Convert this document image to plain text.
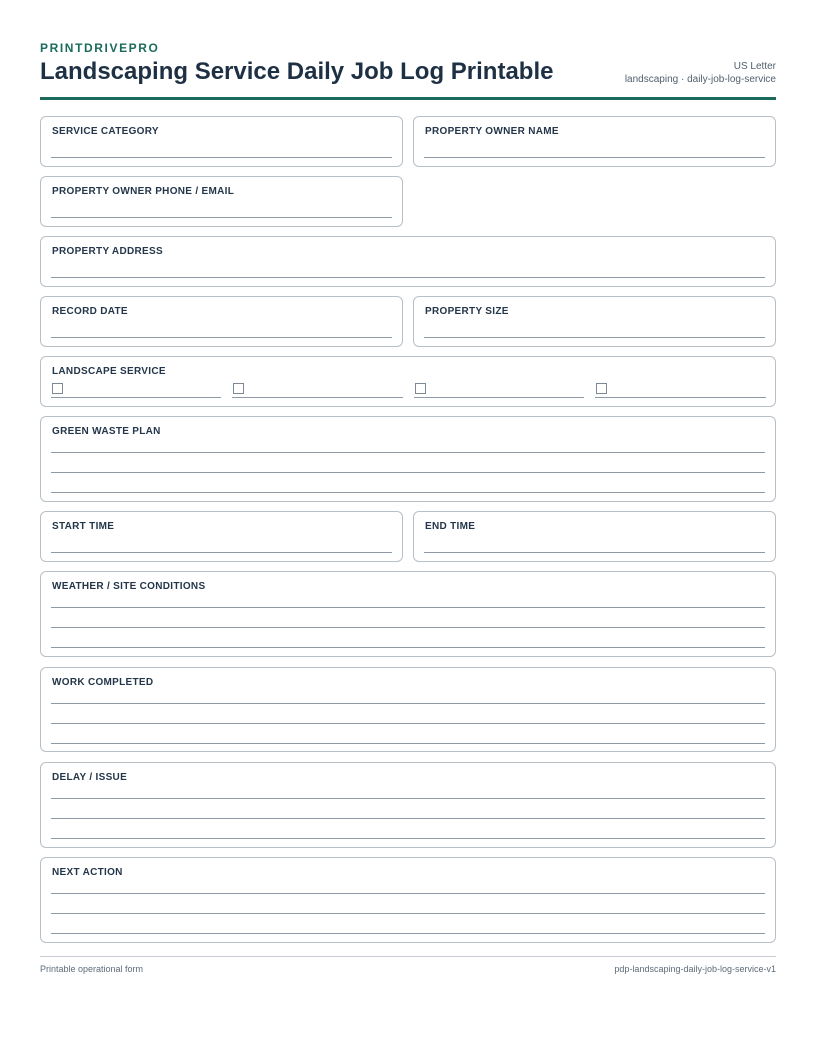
PRINTDRIVEPRO
Landscaping Service Daily Job Log Printable	US Letter
landscaping · daily-job-log-service
SERVICE CATEGORY	PROPERTY OWNER NAME
PROPERTY OWNER PHONE / EMAIL
PROPERTY ADDRESS
RECORD DATE	PROPERTY SIZE
LANDSCAPE SERVICE
GREEN WASTE PLAN
START TIME	END TIME
WEATHER / SITE CONDITIONS
WORK COMPLETED
DELAY / ISSUE
NEXT ACTION
Printable operational form	pdp-landscaping-daily-job-log-service-v1
